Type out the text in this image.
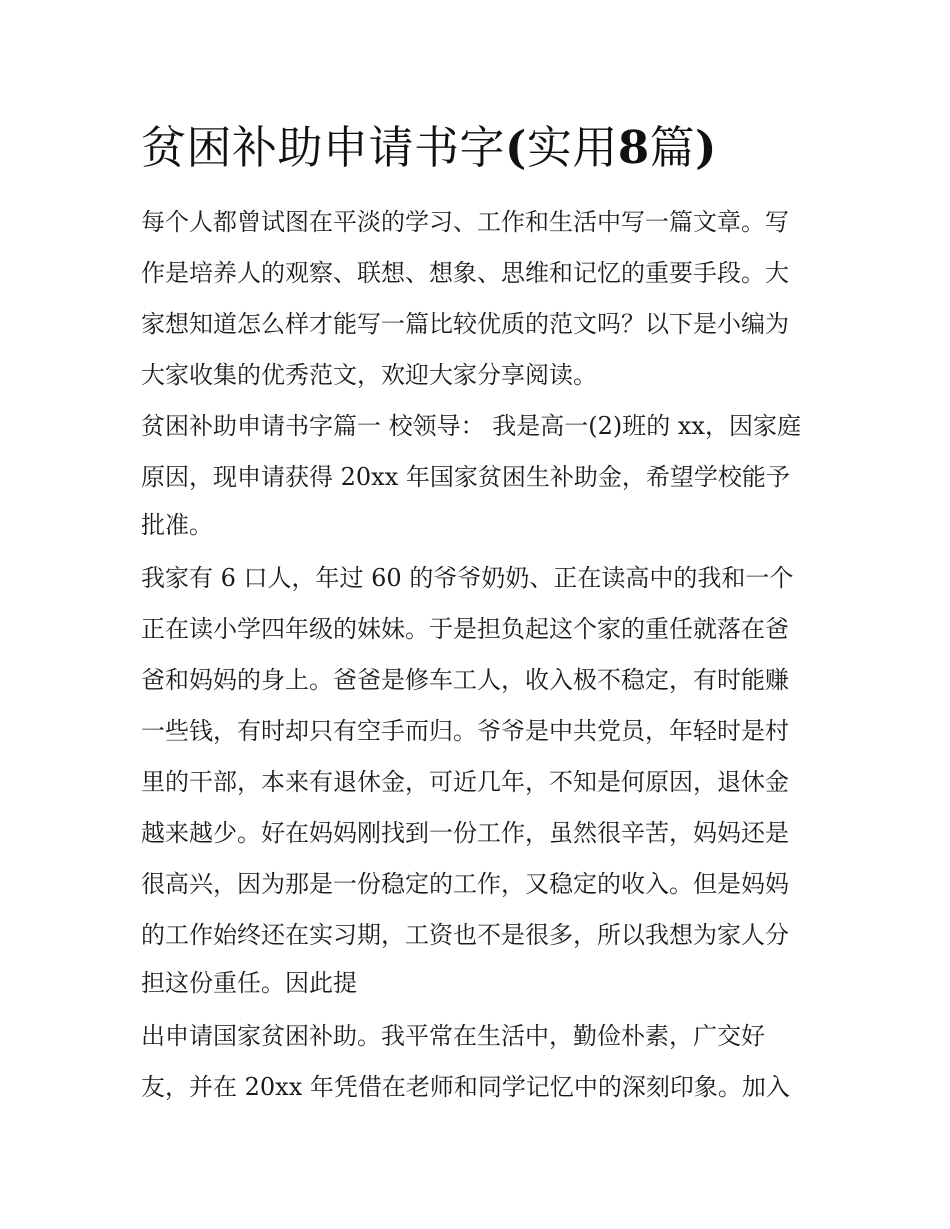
贫困补助申请书字(实用8篇)

每个人都曾试图在平淡的学习、工作和生活中写一篇文章。写

作是培养人的观察、联想、想象、思维和记忆的重要手段。大

家想知道怎么样才能写一篇比较优质的范文吗？以下是小编为

大家收集的优秀范文，欢迎大家分享阅读。

贫困补助申请书字篇一 校领导： 我是高一(2)班的 xx，因家庭

原因，现申请获得 20xx 年国家贫困生补助金，希望学校能予

批准。

我家有 6 口人，年过 60 的爷爷奶奶、正在读高中的我和一个

正在读小学四年级的妹妹。于是担负起这个家的重任就落在爸

爸和妈妈的身上。爸爸是修车工人，收入极不稳定，有时能赚

一些钱，有时却只有空手而归。爷爷是中共党员，年轻时是村

里的干部，本来有退休金，可近几年，不知是何原因，退休金

越来越少。好在妈妈刚找到一份工作，虽然很辛苦，妈妈还是

很高兴，因为那是一份稳定的工作，又稳定的收入。但是妈妈

的工作始终还在实习期，工资也不是很多，所以我想为家人分

担这份重任。因此提

出申请国家贫困补助。我平常在生活中，勤俭朴素，广交好

友，并在 20xx 年凭借在老师和同学记忆中的深刻印象。加入
